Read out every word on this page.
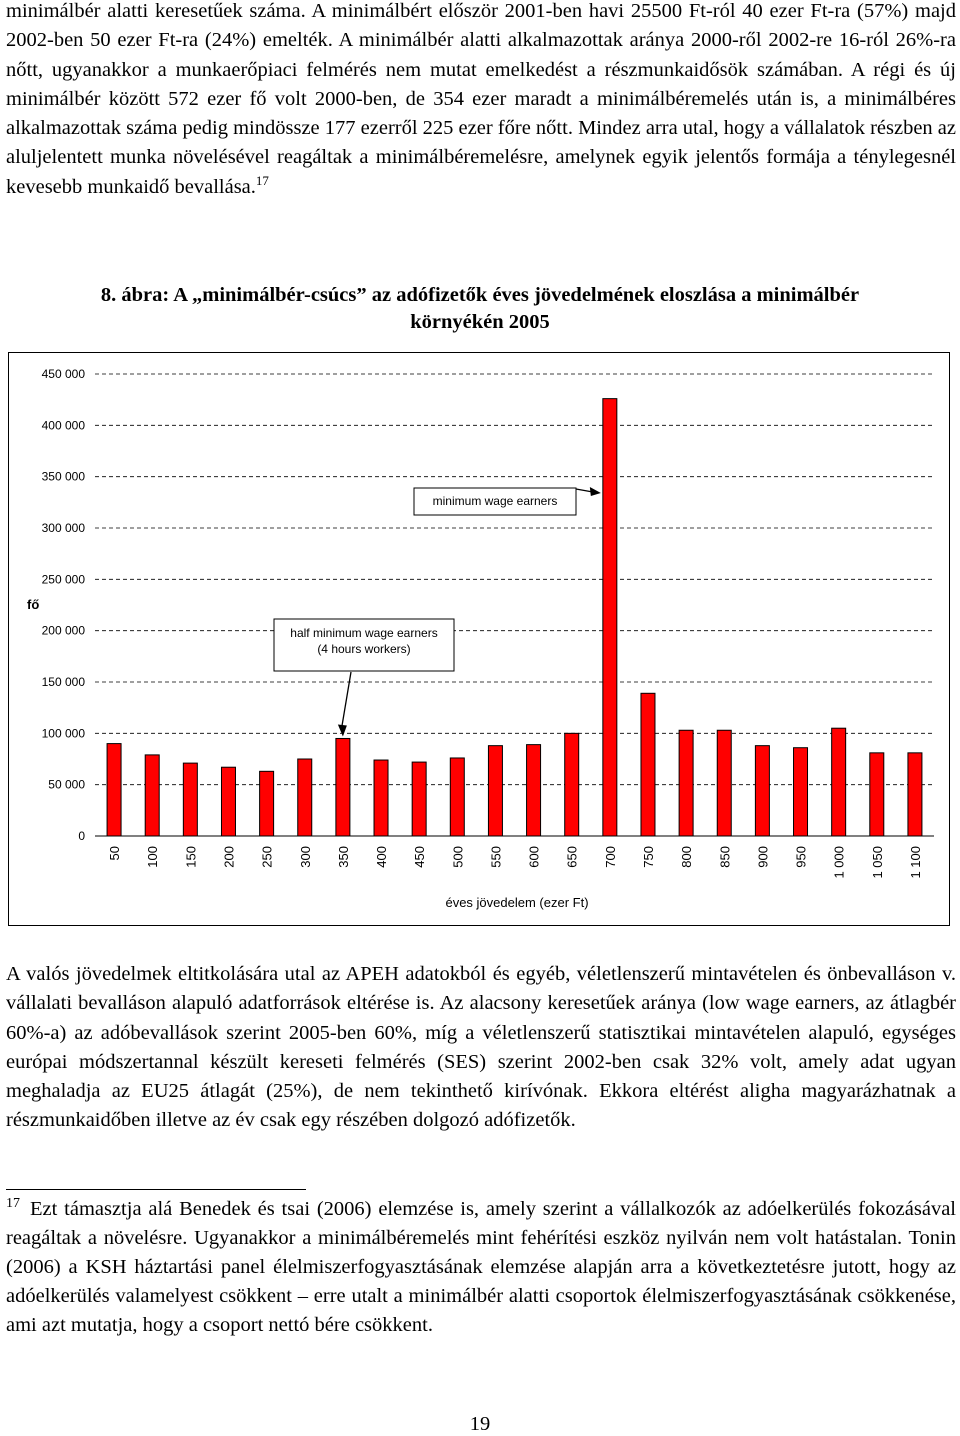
minimálbér alatti keresetűek száma. A minimálbért először 2001-ben havi 25500 Ft-ról 40 ezer Ft-ra (57%) majd 2002-ben 50 ezer Ft-ra (24%) emelték. A minimálbér alatti alkalmazottak aránya 2000-ről 2002-re 16-ról 26%-ra nőtt, ugyanakkor a munkaerőpiaci felmérés nem mutat emelkedést a részmunkaidősök számában. A régi és új minimálbér között 572 ezer fő volt 2000-ben, de 354 ezer maradt a minimálbéremelés után is, a minimálbéres alkalmazottak száma pedig mindössze 177 ezerről 225 ezer főre nőtt. Mindez arra utal, hogy a vállalatok részben az aluljelentett munka növelésével reagáltak a minimálbéremelésre, amelynek egyik jelentős formája a ténylegesnél kevesebb munkaidő bevallása.$^{17}$

8. ábra: A „minimálbér-csúcs” az adófizetők éves jövedelmének eloszlása a minimálbér

környékén 2005

0
50 000
100 000
150 000
200 000
250 000
300 000
350 000
400 000
450 000
50 100 150 200 250 300 350 400 450 500 550 600 650 700 750 800 850 900 950 1 000 1 050 1 100
fő
éves jövedelem (ezer Ft)
minimum wage earners
half minimum wage earners
(4 hours workers)

A valós jövedelmek eltitkolására utal az APEH adatokból és egyéb, véletlenszerű mintavételen és önbevalláson v. vállalati bevalláson alapuló adatforrások eltérése is. Az alacsony keresetűek aránya (low wage earners, az átlagbér 60%-a) az adóbevallások szerint 2005-ben 60%, míg a véletlenszerű statisztikai mintavételen alapuló, egységes európai módszertannal készült kereseti felmérés (SES) szerint 2002-ben csak 32% volt, amely adat ugyan meghaladja az EU25 átlagát (25%), de nem tekinthető kirívónak. Ekkora eltérést aligha magyarázhatnak a részmunkaidőben illetve az év csak egy részében dolgozó adófizetők.

$^{17}$ Ezt támasztja alá Benedek és tsai (2006) elemzése is, amely szerint a vállalkozók az adóelkerülés fokozásával reagáltak a növelésre. Ugyanakkor a minimálbéremelés mint fehérítési eszköz nyilván nem volt hatástalan. Tonin (2006) a KSH háztartási panel élelmiszerfogyasztásának elemzése alapján arra a következtetésre jutott, hogy az adóelkerülés valamelyest csökkent – erre utalt a minimálbér alatti csoportok élelmiszerfogyasztásának csökkenése, ami azt mutatja, hogy a csoport nettó bére csökkent.

19
